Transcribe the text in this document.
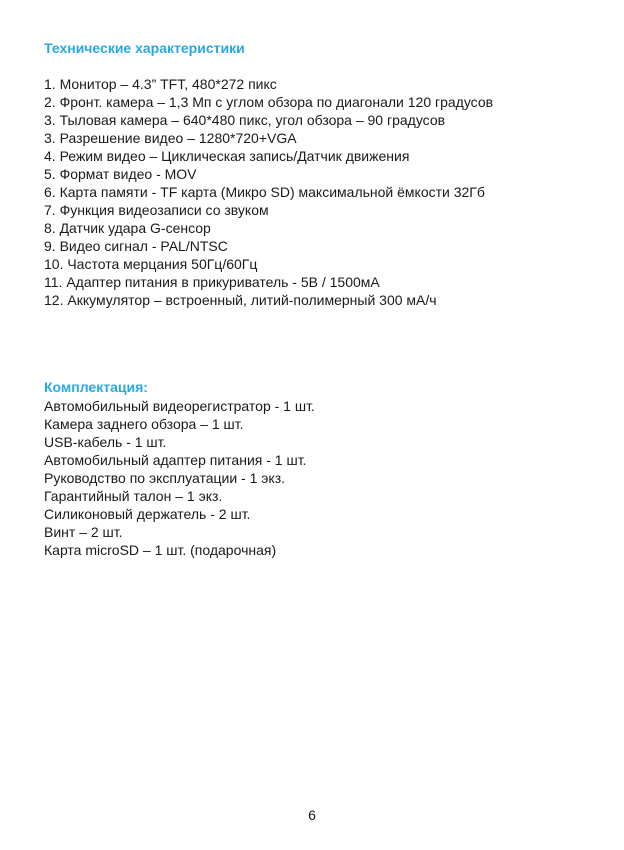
Технические характеристики
1. Монитор – 4.3” TFT, 480*272 пикс
2. Фронт. камера – 1,3 Мп с углом обзора по диагонали 120 градусов
3. Тыловая камера – 640*480 пикс, угол обзора – 90 градусов
3. Разрешение видео – 1280*720+VGA
4. Режим видео – Циклическая запись/Датчик движения
5. Формат видео - MOV
6. Карта памяти - TF карта (Микро SD) максимальной ёмкости 32Гб
7. Функция видеозаписи со звуком
8. Датчик удара G-сенсор
9. Видео сигнал - PAL/NTSC
10. Частота мерцания 50Гц/60Гц
11. Адаптер питания в прикуриватель - 5В / 1500мА
12. Аккумулятор – встроенный, литий-полимерный 300 мА/ч
Комплектация:
Автомобильный видеорегистратор - 1 шт.
Камера заднего обзора – 1 шт.
USB-кабель - 1 шт.
Автомобильный адаптер питания - 1 шт.
Руководство по эксплуатации - 1 экз.
Гарантийный талон – 1 экз.
Силиконовый держатель - 2 шт.
Винт – 2 шт.
Карта microSD – 1 шт. (подарочная)

6
